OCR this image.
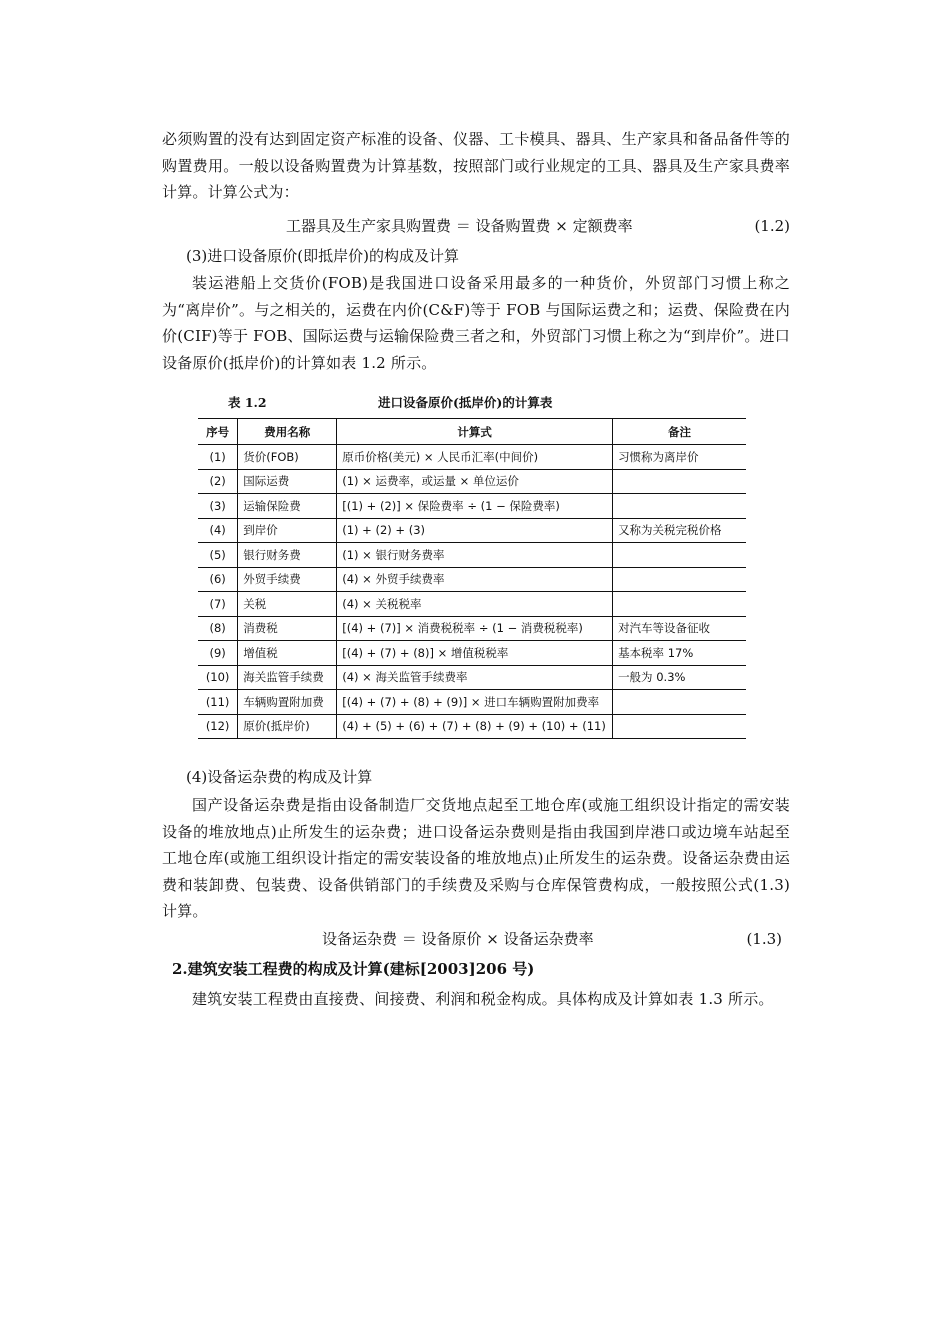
必须购置的没有达到固定资产标准的设备、仪器、工卡模具、器具、生产家具和备品备件等的购置费用。一般以设备购置费为计算基数，按照部门或行业规定的工具、器具及生产家具费率计算。计算公式为：

工器具及生产家具购置费 ＝ 设备购置费 × 定额费率	(1.2)
(3)进口设备原价(即抵岸价)的构成及计算

装运港船上交货价(FOB)是我国进口设备采用最多的一种货价，外贸部门习惯上称之为“离岸价”。与之相关的，运费在内价(C&F)等于 FOB 与国际运费之和；运费、保险费在内价(CIF)等于 FOB、国际运费与运输保险费三者之和，外贸部门习惯上称之为“到岸价”。进口设备原价(抵岸价)的计算如表 1.2 所示。

表 1.2	进口设备原价(抵岸价)的计算表
序号	费用名称	计算式	备注
(1)	货价(FOB)	原币价格(美元) × 人民币汇率(中间价)	习惯称为离岸价
(2)	国际运费	(1) × 运费率，或运量 × 单位运价	
(3)	运输保险费	[(1) + (2)] × 保险费率 ÷ (1 − 保险费率)	
(4)	到岸价	(1) + (2) + (3)	又称为关税完税价格
(5)	银行财务费	(1) × 银行财务费率	
(6)	外贸手续费	(4) × 外贸手续费率	
(7)	关税	(4) × 关税税率	
(8)	消费税	[(4) + (7)] × 消费税税率 ÷ (1 − 消费税税率)	对汽车等设备征收
(9)	增值税	[(4) + (7) + (8)] × 增值税税率	基本税率 17%
(10)	海关监管手续费	(4) × 海关监管手续费率	一般为 0.3%
(11)	车辆购置附加费	[(4) + (7) + (8) + (9)] × 进口车辆购置附加费率	
(12)	原价(抵岸价)	(4) + (5) + (6) + (7) + (8) + (9) + (10) + (11)	
(4)设备运杂费的构成及计算

国产设备运杂费是指由设备制造厂交货地点起至工地仓库(或施工组织设计指定的需安装设备的堆放地点)止所发生的运杂费；进口设备运杂费则是指由我国到岸港口或边境车站起至工地仓库(或施工组织设计指定的需安装设备的堆放地点)止所发生的运杂费。设备运杂费由运费和装卸费、包装费、设备供销部门的手续费及采购与仓库保管费构成，一般按照公式(1.3)计算。

设备运杂费 ＝ 设备原价 × 设备运杂费率	(1.3)
2.建筑安装工程费的构成及计算(建标[2003]206 号)

建筑安装工程费由直接费、间接费、利润和税金构成。具体构成及计算如表 1.3 所示。
